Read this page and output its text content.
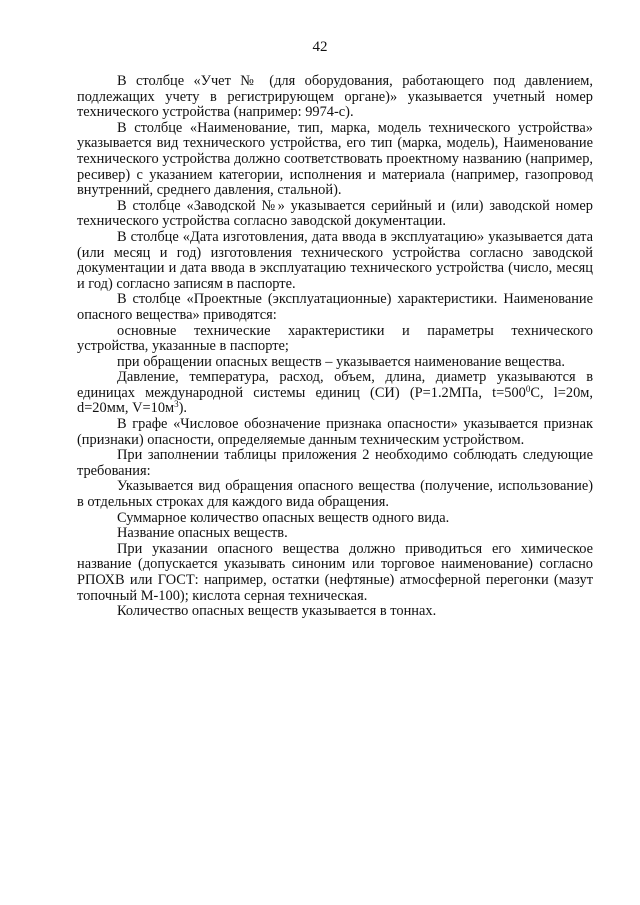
42

В столбце «Учет № (для оборудования, работающего под давлением, подлежащих учету в регистрирующем органе)» указывается учетный номер технического устройства (например: 9974-с).

В столбце «Наименование, тип, марка, модель технического устройства» указывается вид технического устройства, его тип (марка, модель), Наименование технического устройства должно соответствовать проектному названию (например, ресивер) с указанием категории, исполнения и материала (например, газопровод внутренний, среднего давления, стальной).

В столбце «Заводской №» указывается серийный и (или) заводской номер технического устройства согласно заводской документации.

В столбце «Дата изготовления, дата ввода в эксплуатацию» указывается дата (или месяц и год) изготовления технического устройства согласно заводской документации и дата ввода в эксплуатацию технического устройства (число, месяц и год) согласно записям в паспорте.

В столбце «Проектные (эксплуатационные) характеристики. Наименование опасного вещества» приводятся:

основные технические характеристики и параметры технического устройства, указанные в паспорте;

при обращении опасных веществ – указывается наименование вещества.

Давление, температура, расход, объем, длина, диаметр указываются в единицах международной системы единиц (СИ) (Р=1.2МПа, $t=500^0С$, l=20м, d=20мм, $V=10м^3$).

В графе «Числовое обозначение признака опасности» указывается признак (признаки) опасности, определяемые данным техническим устройством.

При заполнении таблицы приложения 2 необходимо соблюдать следующие требования:

Указывается вид обращения опасного вещества (получение, использование) в отдельных строках для каждого вида обращения.

Суммарное количество опасных веществ одного вида.

Название опасных веществ.

При указании опасного вещества должно приводиться его химическое название (допускается указывать синоним или торговое наименование) согласно РПОХВ или ГОСТ: например, остатки (нефтяные) атмосферной перегонки (мазут топочный М-100); кислота серная техническая.

Количество опасных веществ указывается в тоннах.
